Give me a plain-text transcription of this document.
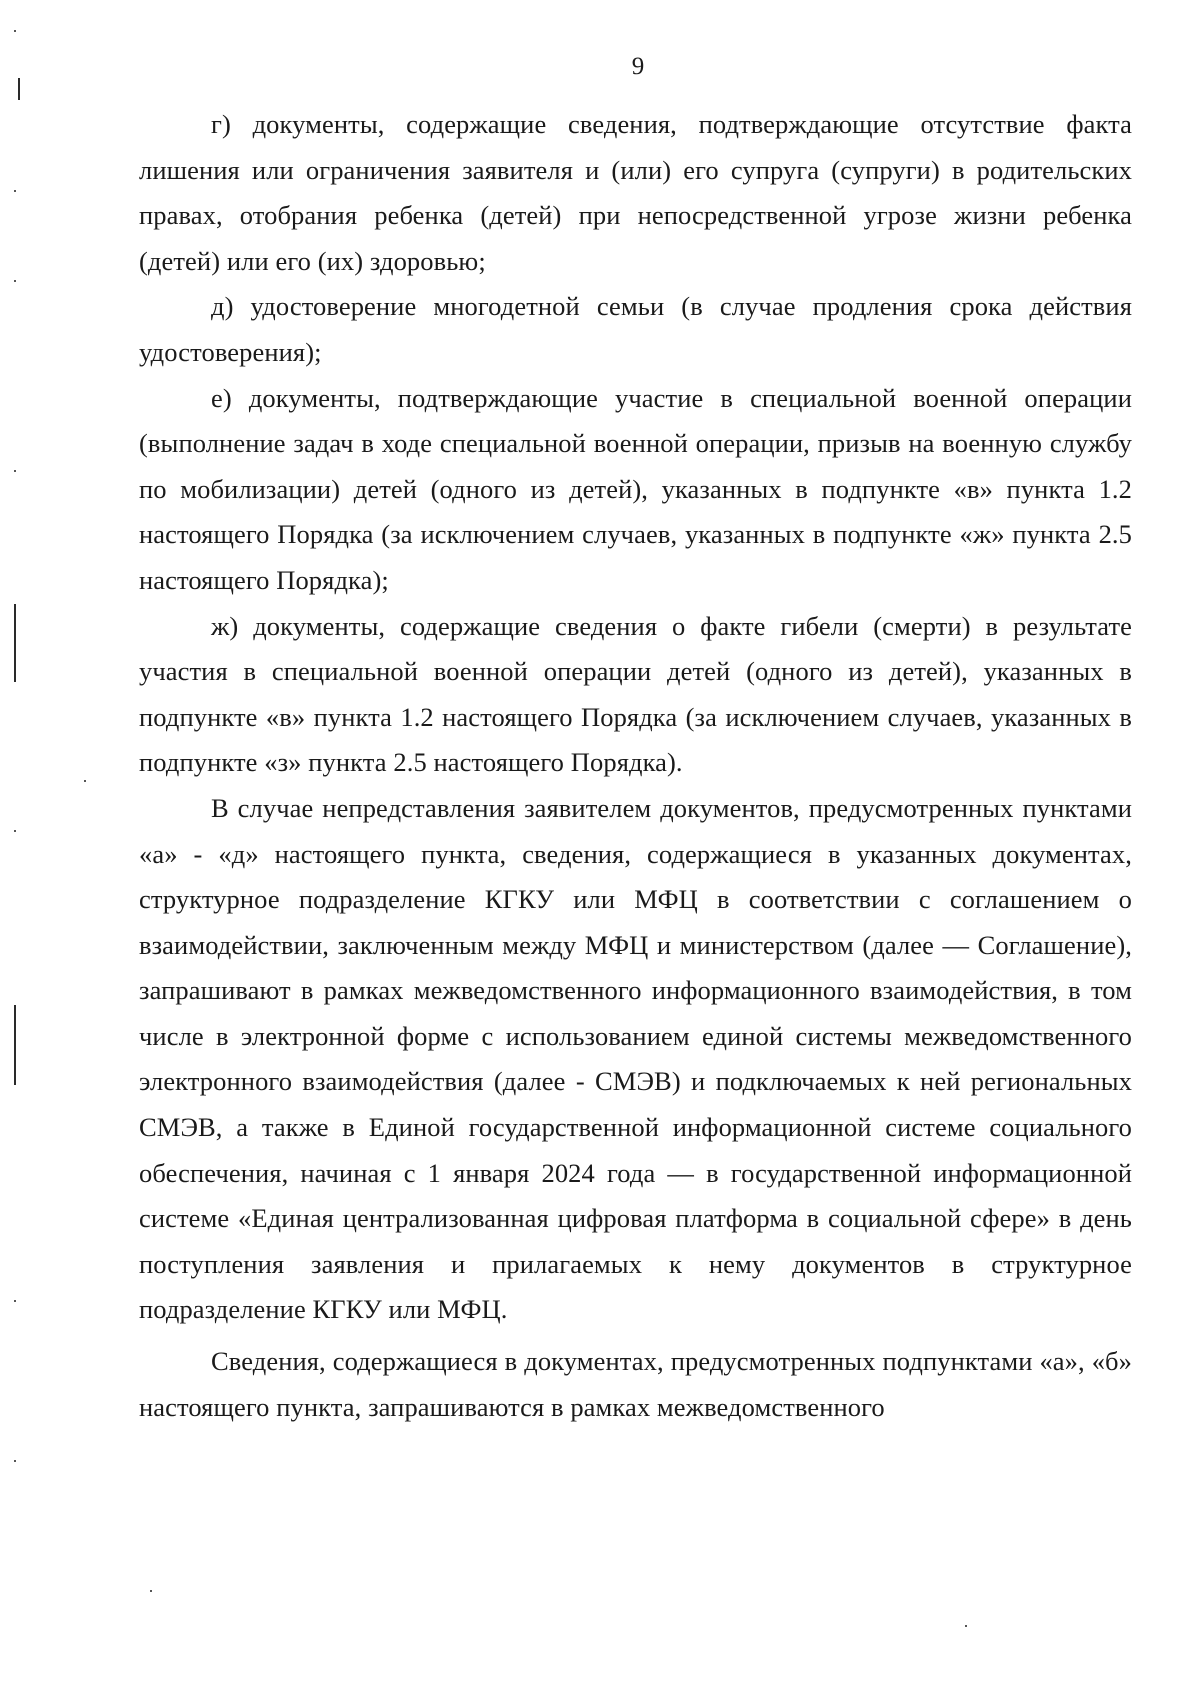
9

г) документы, содержащие сведения, подтверждающие отсутствие факта лишения или ограничения заявителя и (или) его супруга (супруги) в родительских правах, отобрания ребенка (детей) при непосредственной угрозе жизни ребенка (детей) или его (их) здоровью;

д) удостоверение многодетной семьи (в случае продления срока действия удостоверения);

е) документы, подтверждающие участие в специальной военной операции (выполнение задач в ходе специальной военной операции, призыв на военную службу по мобилизации) детей (одного из детей), указанных в подпункте «в» пункта 1.2 настоящего Порядка (за исключением случаев, указанных в подпункте «ж» пункта 2.5 настоящего Порядка);

ж) документы, содержащие сведения о факте гибели (смерти) в результате участия в специальной военной операции детей (одного из детей), указанных в подпункте «в» пункта 1.2 настоящего Порядка (за исключением случаев, указанных в подпункте «з» пункта 2.5 настоящего Порядка).

В случае непредставления заявителем документов, предусмотренных пунктами «а» - «д» настоящего пункта, сведения, содержащиеся в указанных документах, структурное подразделение КГКУ или МФЦ в соответствии с соглашением о взаимодействии, заключенным между МФЦ и министерством (далее — Соглашение), запрашивают в рамках межведомственного информационного взаимодействия, в том числе в электронной форме с использованием единой системы межведомственного электронного взаимодействия (далее - СМЭВ) и подключаемых к ней региональных СМЭВ, а также в Единой государственной информационной системе социального обеспечения, начиная с 1 января 2024 года — в государственной информационной системе «Единая централизованная цифровая платформа в социальной сфере» в день поступления заявления и прилагаемых к нему документов в структурное подразделение КГКУ или МФЦ.

Сведения, содержащиеся в документах, предусмотренных подпунктами «а», «б» настоящего пункта, запрашиваются в рамках межведомственного
